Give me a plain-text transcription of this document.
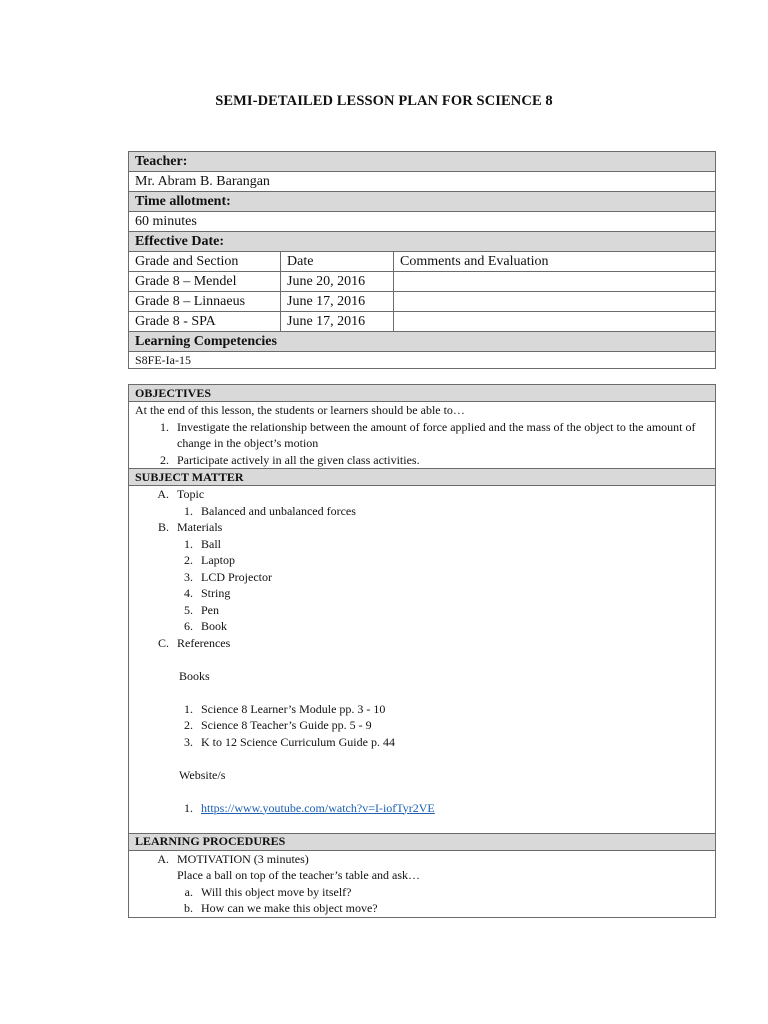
SEMI-DETAILED LESSON PLAN FOR SCIENCE 8
Teacher:		
Mr. Abram B. Barangan		
Time allotment:		
60 minutes		
Effective Date:		
Grade and Section	Date	Comments and Evaluation
Grade 8 – Mendel	June 20, 2016	
Grade 8 – Linnaeus	June 17, 2016	
Grade 8 - SPA	June 17, 2016	
Learning Competencies		
S8FE-Ia-15		
OBJECTIVES

At the end of this lesson, the students or learners should be able to…
1. Investigate the relationship between the amount of force applied and the mass of the object to the amount of change in the object’s motion
2. Participate actively in all the given class activities.

SUBJECT MATTER

A. Topic
1. Balanced and unbalanced forces
B. Materials
1. Ball
2. Laptop
3. LCD Projector
4. String
5. Pen
6. Book
C. References
Books
1. Science 8 Learner’s Module pp. 3 - 10
2. Science 8 Teacher’s Guide pp. 5 - 9
3. K to 12 Science Curriculum Guide p. 44
Website/s
1. https://www.youtube.com/watch?v=I-iofTyr2VE

LEARNING PROCEDURES

A. MOTIVATION (3 minutes)
Place a ball on top of the teacher’s table and ask…
a. Will this object move by itself?
b. How can we make this object move?
